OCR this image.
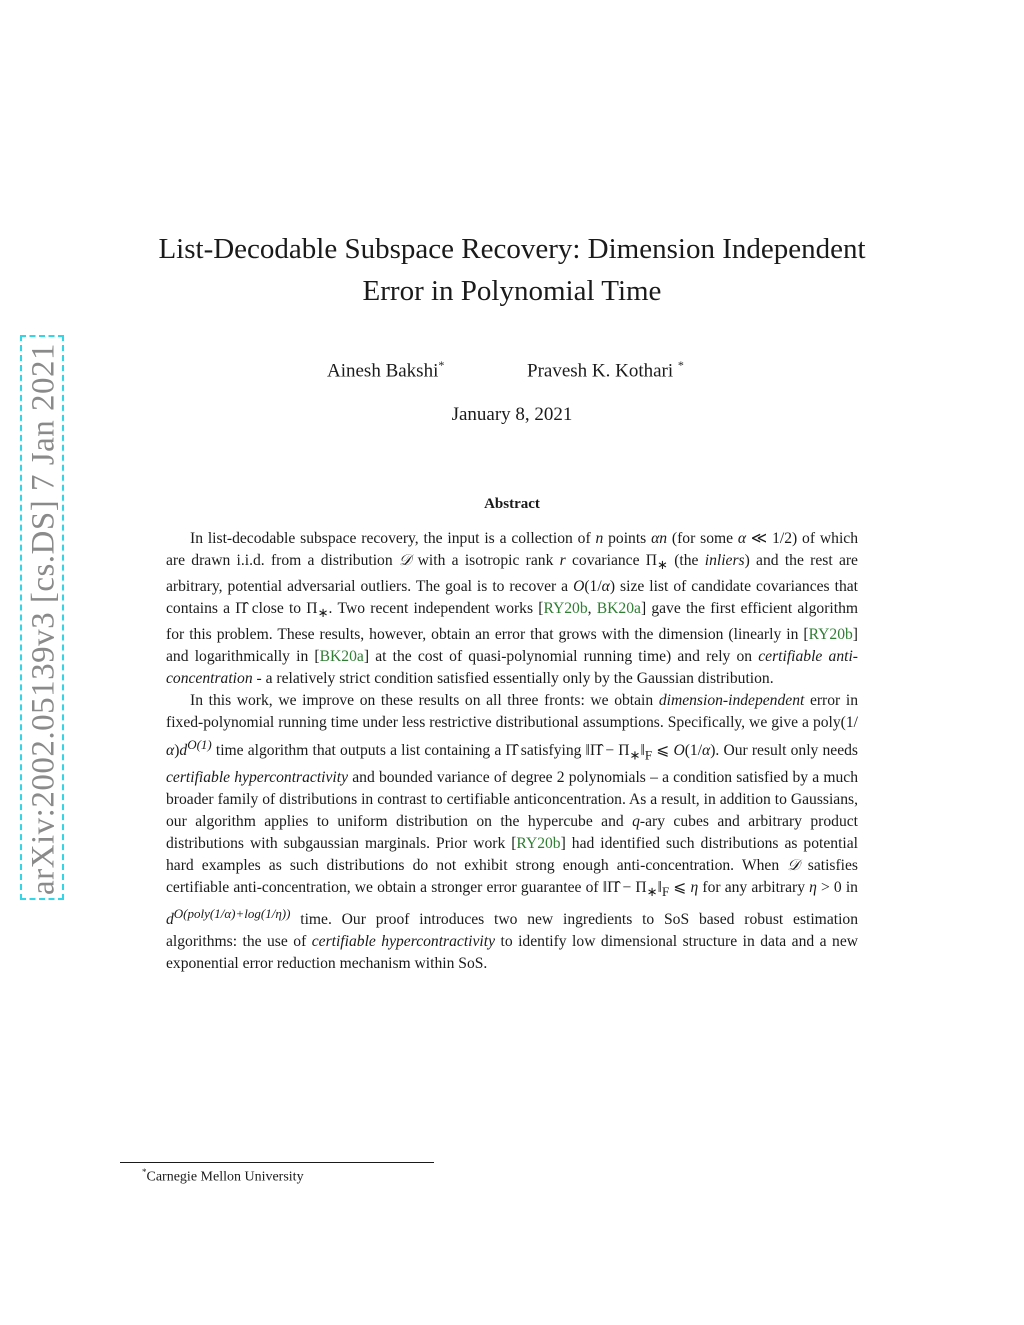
arXiv:2002.05139v3 [cs.DS] 7 Jan 2021
List-Decodable Subspace Recovery: Dimension Independent
Error in Polynomial Time
Ainesh Bakshi*	Pravesh K. Kothari *
January 8, 2021
Abstract

In list-decodable subspace recovery, the input is a collection of n points αn (for some α ≪ 1/2) of which are drawn i.i.d. from a distribution 𝒟 with a isotropic rank r covariance $\Pi_∗$ (the inliers) and the rest are arbitrary, potential adversarial outliers. The goal is to recover a O(1/α) size list of candidate covariances that contains a Π̂ close to $\Pi_∗$. Two recent independent works [RY20b, BK20a] gave the first efficient algorithm for this problem. These results, however, obtain an error that grows with the dimension (linearly in [RY20b] and logarithmically in [BK20a] at the cost of quasi-polynomial running time) and rely on certifiable anti-concentration - a relatively strict condition satisfied essentially only by the Gaussian distribution.

In this work, we improve on these results on all three fronts: we obtain dimension-independent error in fixed-polynomial running time under less restrictive distributional assumptions. Specifically, we give a $poly(1/\alpha)d^{O(1)}$ time algorithm that outputs a list containing a Π̂ satisfying ‖Π̂ − $\Pi_∗‖_F$ ⩽ O(1/α). Our result only needs certifiable hypercontractivity and bounded variance of degree 2 polynomials – a condition satisfied by a much broader family of distributions in contrast to certifiable anticoncentration. As a result, in addition to Gaussians, our algorithm applies to uniform distribution on the hypercube and q-ary cubes and arbitrary product distributions with subgaussian marginals. Prior work [RY20b] had identified such distributions as potential hard examples as such distributions do not exhibit strong enough anti-concentration. When 𝒟 satisfies certifiable anti-concentration, we obtain a stronger error guarantee of ‖Π̂ − $\Pi_∗‖_F$ ⩽ η for any arbitrary η > 0 in $d^{O(poly(1/\alpha)+log(1/\eta))}$ time. Our proof introduces two new ingredients to SoS based robust estimation algorithms: the use of certifiable hypercontractivity to identify low dimensional structure in data and a new exponential error reduction mechanism within SoS.

*Carnegie Mellon University
